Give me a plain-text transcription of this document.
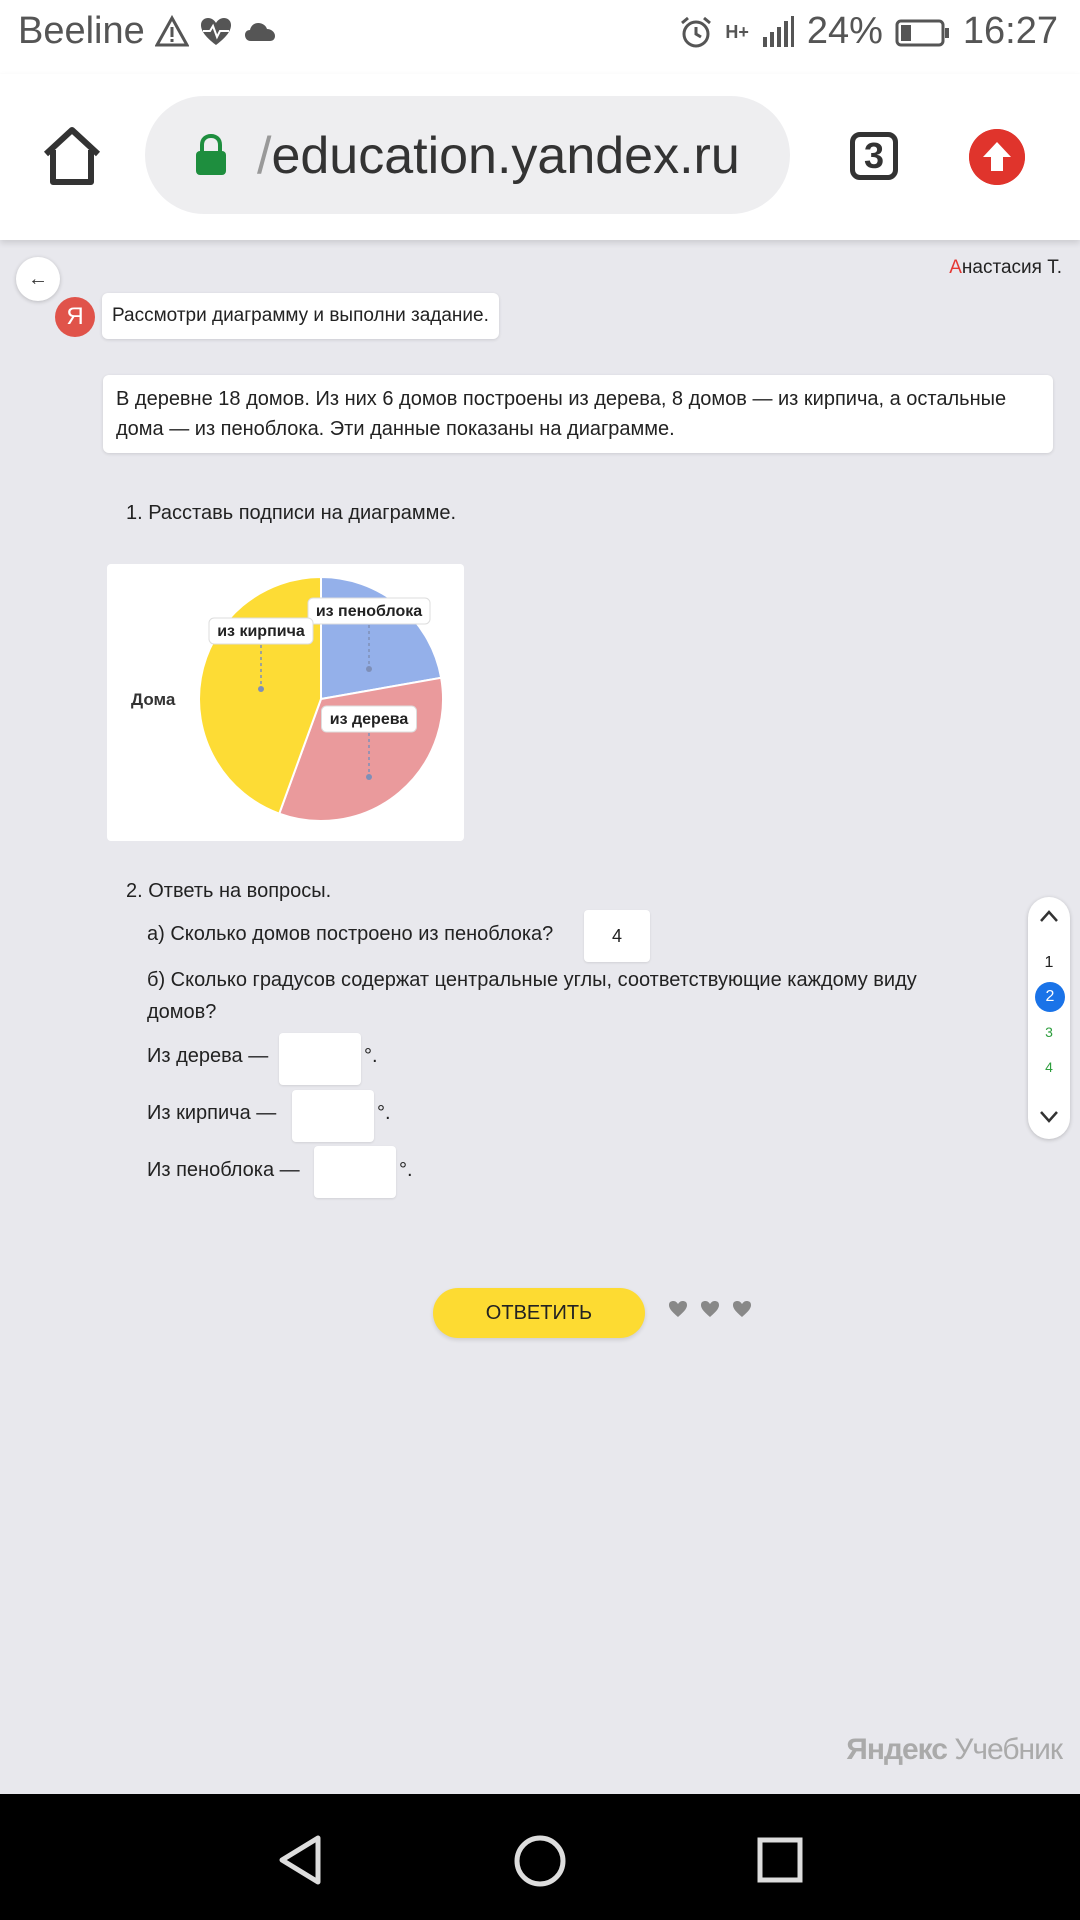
Beeline	H+ 24% 16:27
/education.yandex.ru	3
←
Анастасия Т.
Я	Рассмотри диаграмму и выполни задание.
В деревне 18 домов. Из них 6 домов построены из дерева, 8 домов — из кирпича, а остальные дома — из пеноблока. Эти данные показаны на диаграмме.
1. Расставь подписи на диаграмме.
Дома
из пеноблока
из дерева
из кирпича
2. Ответь на вопросы.
а) Сколько домов построено из пеноблока?	4
б) Сколько градусов содержат центральные углы, соответствующие каждому виду
домов?
Из дерева —	°.
Из кирпича —	°.
Из пеноблока —	°.
1
2
3
4
ОТВЕТИТЬ
Яндекс Учебник
